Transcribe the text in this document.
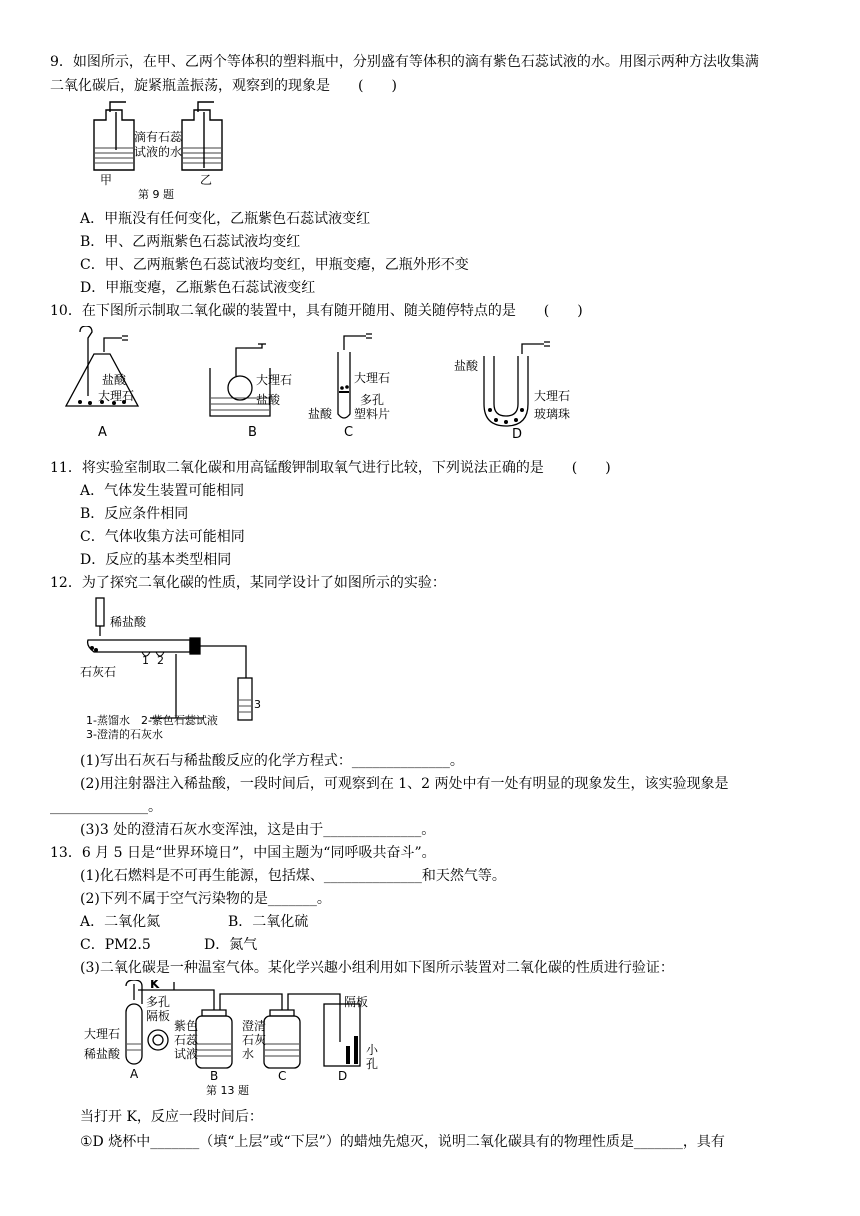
9．如图所示，在甲、乙两个等体积的塑料瓶中，分别盛有等体积的滴有紫色石蕊试液的水。用图示两种方法收集满
二氧化碳后，旋紧瓶盖振荡，观察到的现象是　　(　　)
滴有石蕊
试液的水
甲	乙
第 9 题
A．甲瓶没有任何变化，乙瓶紫色石蕊试液变红
B．甲、乙两瓶紫色石蕊试液均变红
C．甲、乙两瓶紫色石蕊试液均变红，甲瓶变瘪，乙瓶外形不变
D．甲瓶变瘪，乙瓶紫色石蕊试液变红
10．在下图所示制取二氧化碳的装置中，具有随开随用、随关随停特点的是　　(　　)
盐酸
大理石
A
大理石
盐酸
B
大理石
多孔
塑料片
盐酸
C
盐酸
大理石
玻璃珠
D
11．将实验室制取二氧化碳和用高锰酸钾制取氧气进行比较，下列说法正确的是　　(　　)
A．气体发生装置可能相同
B．反应条件相同
C．气体收集方法可能相同
D．反应的基本类型相同
12．为了探究二氧化碳的性质，某同学设计了如图所示的实验：
稀盐酸
石灰石
1 2
3
1-蒸馏水　2-紫色石蕊试液
3-澄清的石灰水
(1)写出石灰石与稀盐酸反应的化学方程式：______________。
(2)用注射器注入稀盐酸，一段时间后，可观察到在 1、2 两处中有一处有明显的现象发生，该实验现象是
______________。
(3)3 处的澄清石灰水变浑浊，这是由于______________。
13．6 月 5 日是“世界环境日”，中国主题为“同呼吸共奋斗”。
(1)化石燃料是不可再生能源，包括煤、______________和天然气等。
(2)下列不属于空气污染物的是_______。
A．二氧化氮	B．二氧化硫
C．PM2.5	D．氮气
(3)二氧化碳是一种温室气体。某化学兴趣小组利用如下图所示装置对二氧化碳的性质进行验证：
K
大理石
稀盐酸
多孔
隔板
紫色
石蕊
试液
澄清
石灰
水
隔板
小
孔
A	B	C	D
第 13 题
当打开 K，反应一段时间后：
①D 烧杯中_______（填“上层”或“下层”）的蜡烛先熄灭，说明二氧化碳具有的物理性质是_______，具有
